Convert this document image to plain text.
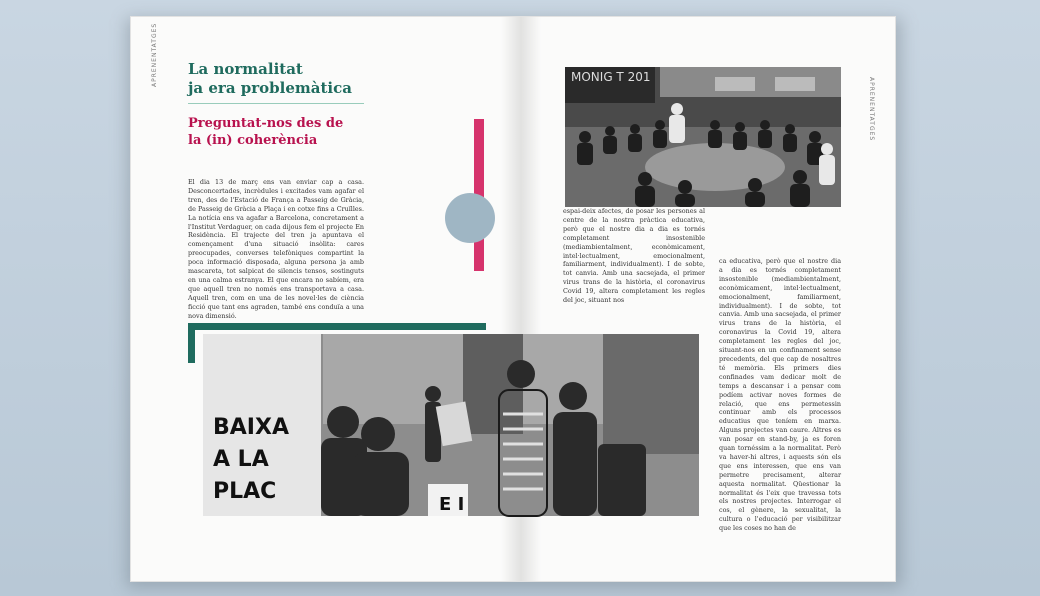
APRENENTATGES
APRENENTATGES
La normalitat
ja era problemàtica
Preguntat-nos des de
la (in) coherència
El dia 13 de març ens van enviar cap a casa. Desconcertades, incrèdules i excitades vam agafar el tren, des de l'Estació de França a Passeig de Gràcia, de Passeig de Gràcia a Plaça i en cotxe fins a Cruïlles. La notícia ens va agafar a Barcelona, concretament a l'Institut Verdaguer, on cada dijous fem el projecte En Residència. El trajecte del tren ja apuntava el començament d'una situació insòlita: cares preocupades, converses telefòniques compartint la poca informació disposada, alguna persona ja amb mascareta, tot salpicat de silencis tensos, sostinguts en una calma estranya. El que encara no sabíem, era que aquell tren no només ens transportava a casa. Aquell tren, com en una de les novel·les de ciència ficció que tant ens agraden, també ens conduïa a una nova dimensió.
MONIG T 201
espai-deix afectes, de posar les persones al centre de la nostra pràctica educativa, però que el nostre dia a dia es tornés completament insostenible (mediambientalment, econòmicament, intel·lectualment, emocionalment, familiarment, individualment). I de sobte, tot canvia. Amb una sacsejada, el primer virus trans de la història, el coronavirus Covid 19, altera completament les regles del joc, situant nos
ca educativa, però que el nostre dia a dia es tornés completament insostenible (mediambientalment, econòmicament, intel·lectualment, emocionalment, familiarment, individualment). I de sobte, tot canvia. Amb una sacsejada, el primer virus trans de la història, el coronavirus la Covid 19, altera completament les regles del joc, situant-nos en un confinament sense precedents, del que cap de nosaltres té memòria. Els primers dies confinades vam dedicar molt de temps a descansar i a pensar com podíem activar noves formes de relació, que ens permetessin continuar amb els processos educatius que teníem en marxa. Alguns projectes van caure. Altres es van posar en stand-by, ja es foren quan tornéssim a la normalitat. Però va haver-hi altres, i aquests són els que ens interessen, que ens van permetre precisament, alterar aquesta normalitat. Qüestionar la normalitat és l'eix que travessa tots els nostres projectes. Interrogar el cos, el gènere, la sexualitat, la cultura o l'educació per visibilitzar que les coses no han de
BAIXA
A LA
PLAC
E I
